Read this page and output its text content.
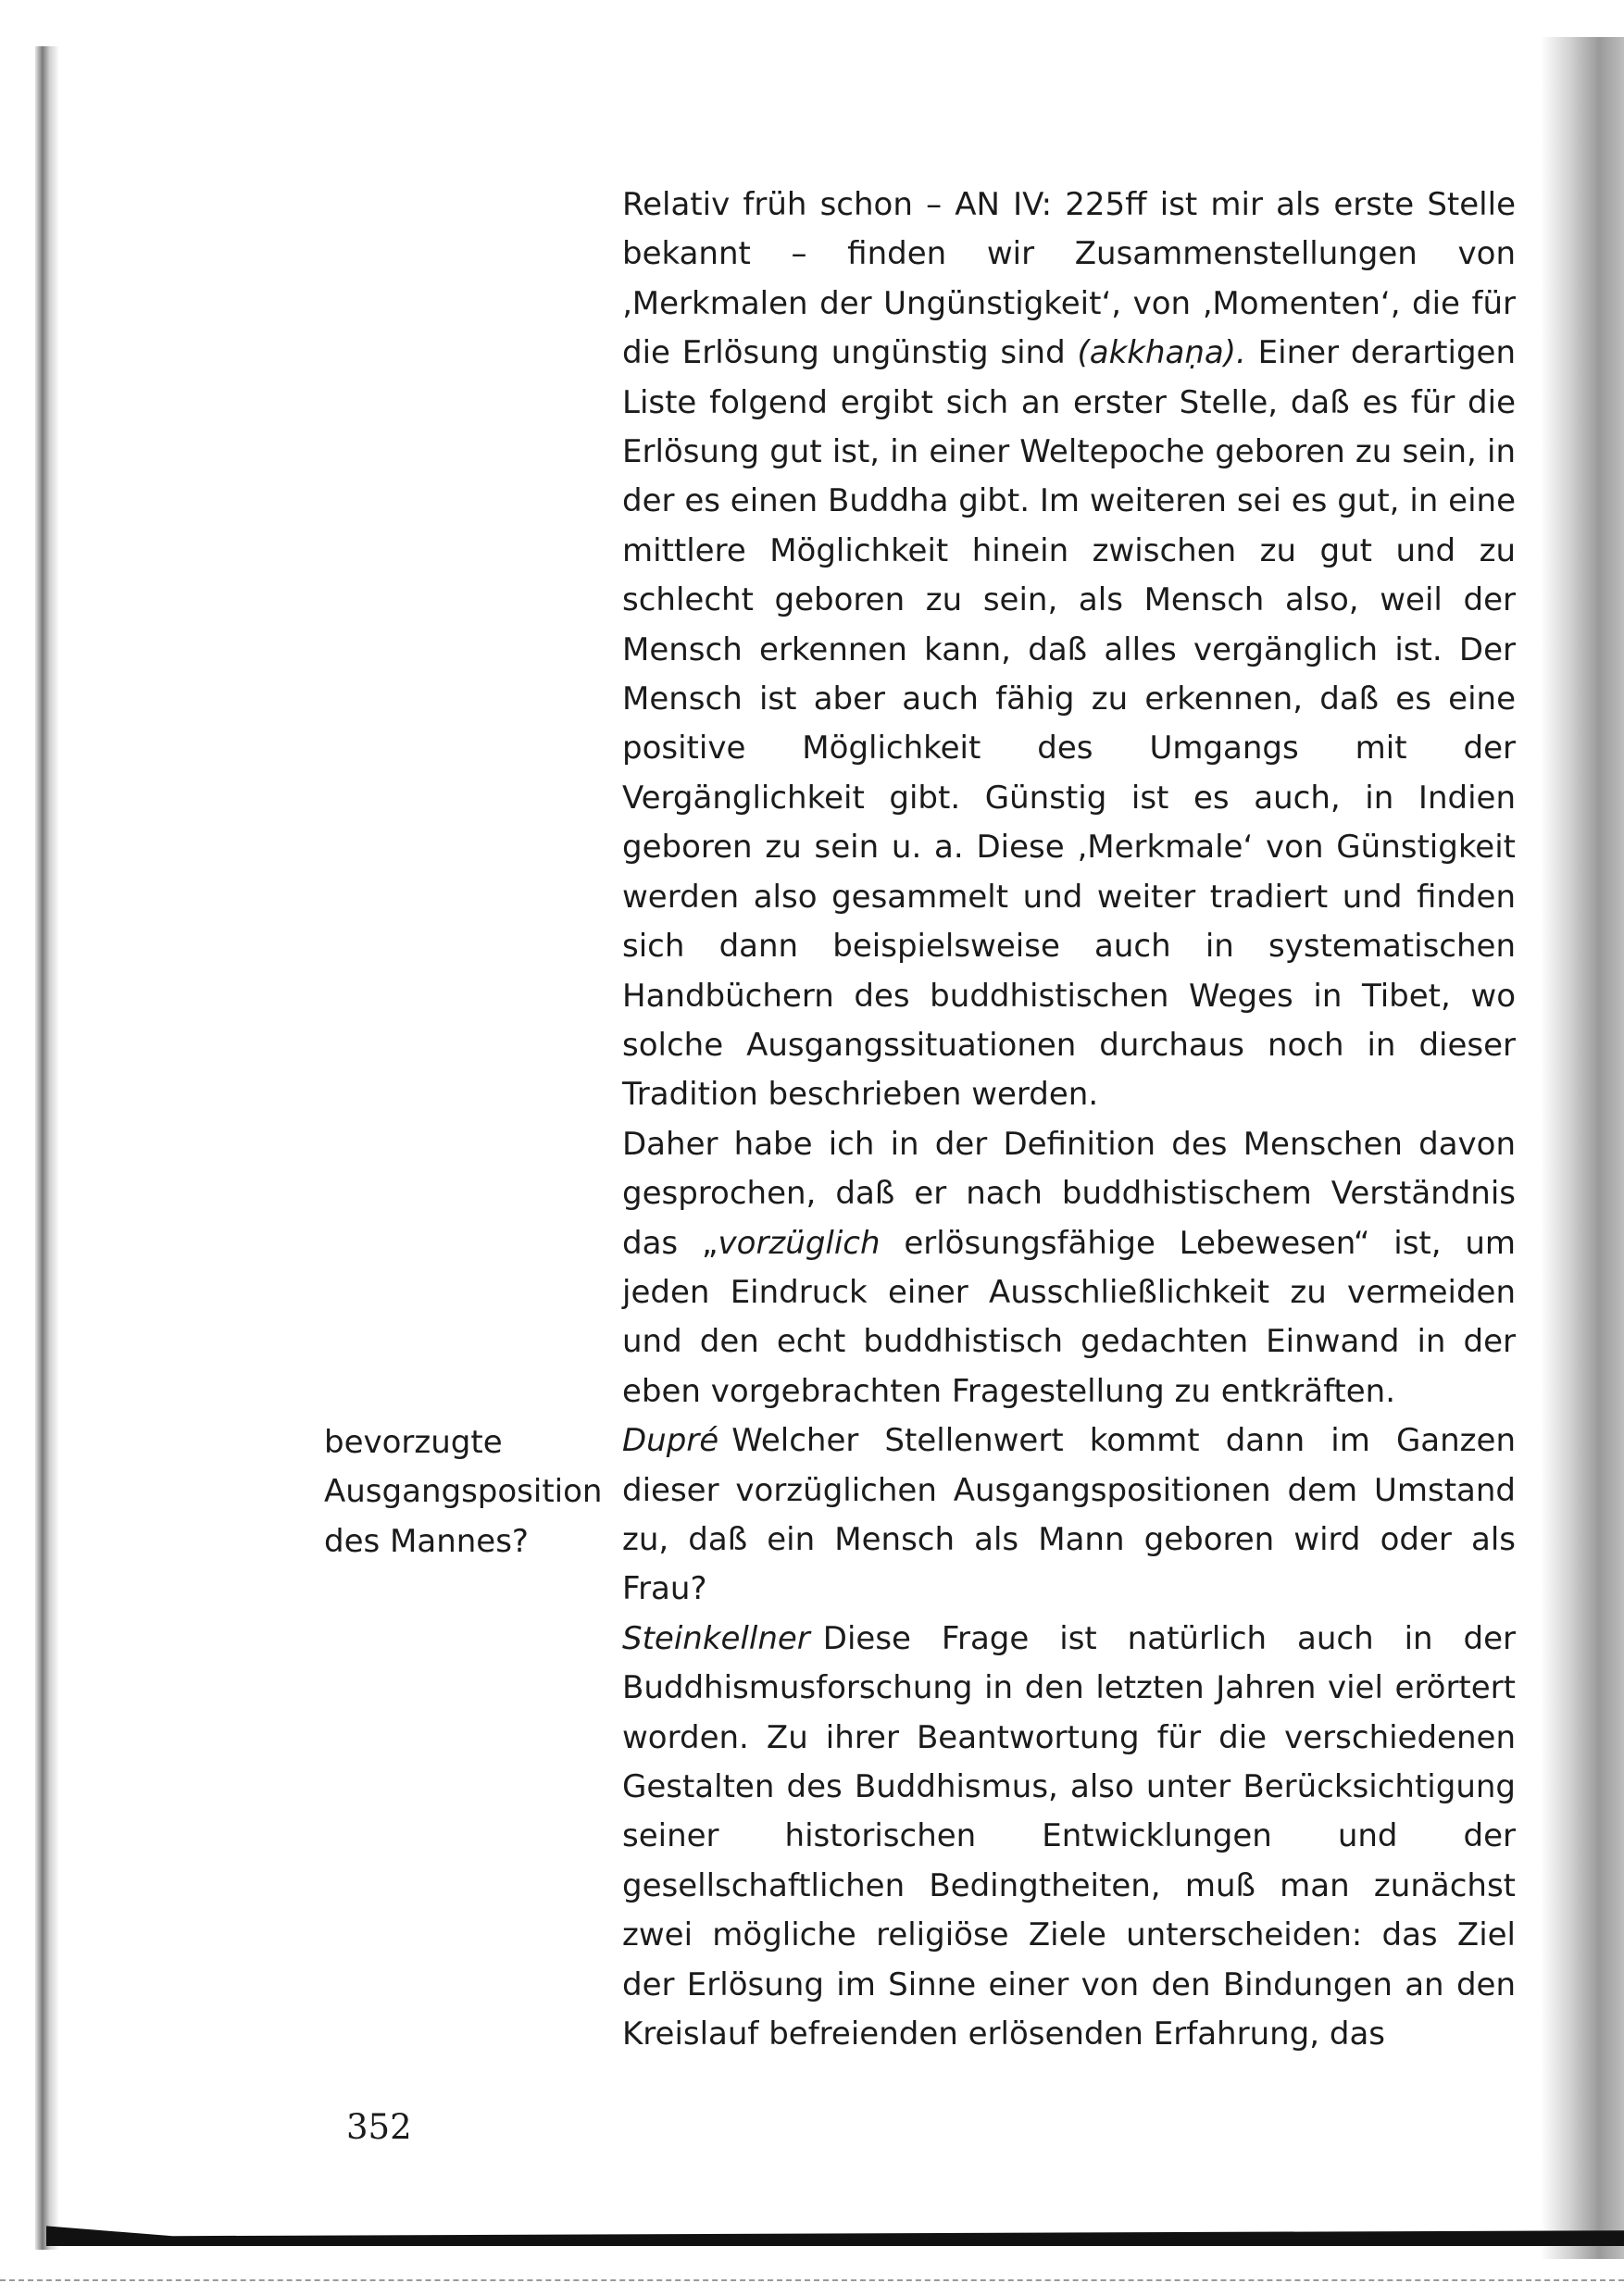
Relativ früh schon – AN IV: 225ff ist mir als erste Stelle bekannt – finden wir Zusammenstellungen von ‚Merkmalen der Ungünstigkeit‘, von ‚Momenten‘, die für die Erlösung ungünstig sind (akkhaṇa). Einer derartigen Liste folgend ergibt sich an erster Stelle, daß es für die Erlösung gut ist, in einer Weltepoche geboren zu sein, in der es einen Buddha gibt. Im weiteren sei es gut, in eine mittlere Möglichkeit hinein zwischen zu gut und zu schlecht geboren zu sein, als Mensch also, weil der Mensch erkennen kann, daß alles vergänglich ist. Der Mensch ist aber auch fähig zu erkennen, daß es eine positive Möglichkeit des Umgangs mit der Vergänglichkeit gibt. Günstig ist es auch, in Indien geboren zu sein u. a. Diese ‚Merkmale‘ von Günstigkeit werden also gesammelt und weiter tradiert und finden sich dann beispielsweise auch in systematischen Handbüchern des buddhistischen Weges in Tibet, wo solche Ausgangssituationen durchaus noch in dieser Tradition beschrieben werden.

Daher habe ich in der Definition des Menschen davon gesprochen, daß er nach buddhistischem Verständnis das „vorzüglich erlösungsfähige Lebewesen“ ist, um jeden Eindruck einer Ausschließlichkeit zu vermeiden und den echt buddhistisch gedachten Einwand in der eben vorgebrachten Fragestellung zu entkräften.

Dupré Welcher Stellenwert kommt dann im Ganzen dieser vorzüglichen Ausgangspositionen dem Umstand zu, daß ein Mensch als Mann geboren wird oder als Frau?

Steinkellner Diese Frage ist natürlich auch in der Buddhismusforschung in den letzten Jahren viel erörtert worden. Zu ihrer Beantwortung für die verschiedenen Gestalten des Buddhismus, also unter Berücksichtigung seiner historischen Entwicklungen und der gesellschaftlichen Bedingtheiten, muß man zunächst zwei mögliche religiöse Ziele unterscheiden: das Ziel der Erlösung im Sinne einer von den Bindungen an den Kreislauf befreienden erlösenden Erfahrung, das

bevorzugte Ausgangsposition des Mannes?
352
